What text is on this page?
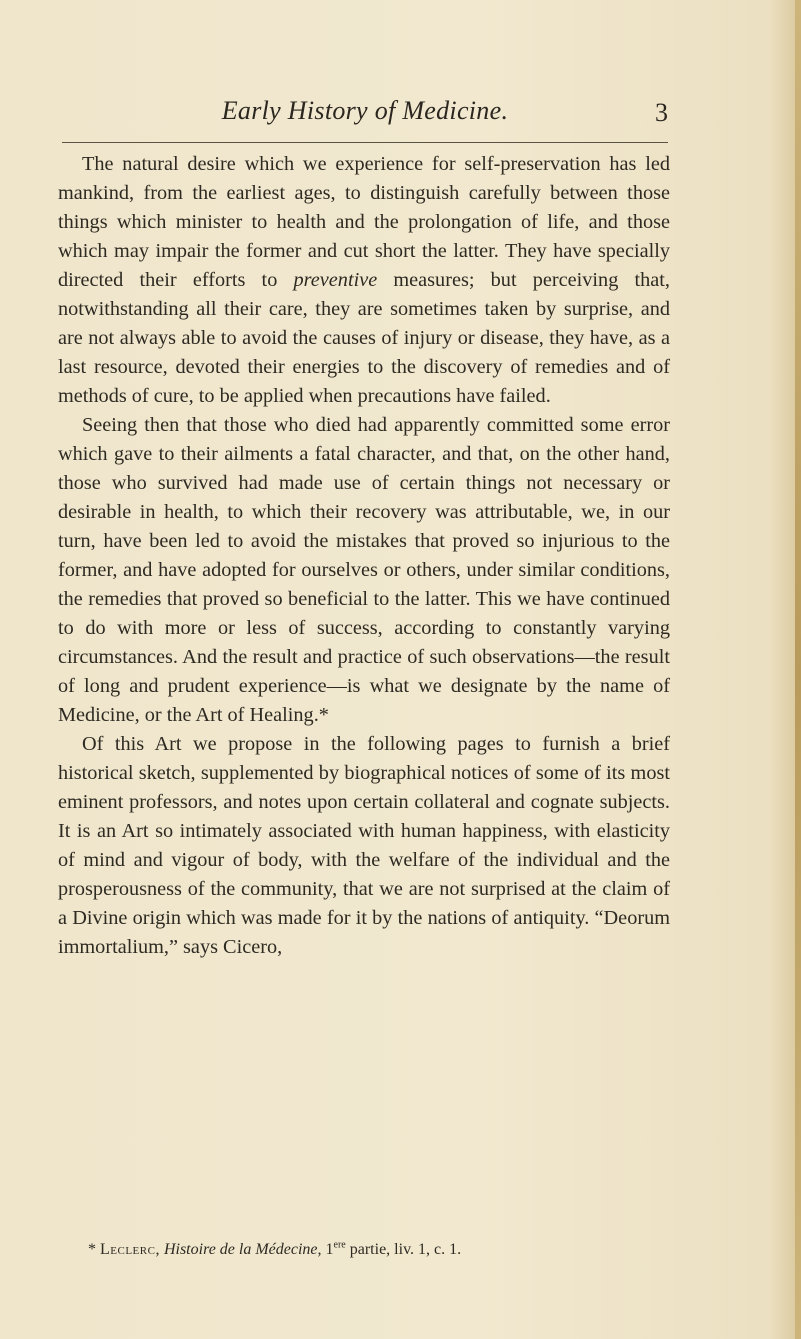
Early History of Medicine.	3

The natural desire which we experience for self-preservation has led mankind, from the earliest ages, to distinguish carefully between those things which minister to health and the prolongation of life, and those which may impair the former and cut short the latter. They have specially directed their efforts to preventive measures; but perceiving that, notwithstanding all their care, they are sometimes taken by surprise, and are not always able to avoid the causes of injury or disease, they have, as a last resource, devoted their energies to the discovery of remedies and of methods of cure, to be applied when precautions have failed.

Seeing then that those who died had apparently committed some error which gave to their ailments a fatal character, and that, on the other hand, those who survived had made use of certain things not necessary or desirable in health, to which their recovery was attributable, we, in our turn, have been led to avoid the mistakes that proved so injurious to the former, and have adopted for ourselves or others, under similar conditions, the remedies that proved so beneficial to the latter. This we have continued to do with more or less of success, according to constantly varying circumstances. And the result and practice of such observations—the result of long and prudent experience—is what we designate by the name of Medicine, or the Art of Healing.*

Of this Art we propose in the following pages to furnish a brief historical sketch, supplemented by biographical notices of some of its most eminent professors, and notes upon certain collateral and cognate subjects. It is an Art so intimately associated with human happiness, with elasticity of mind and vigour of body, with the welfare of the individual and the prosperousness of the community, that we are not surprised at the claim of a Divine origin which was made for it by the nations of antiquity. “Deorum immortalium,” says Cicero,

* Leclerc, Histoire de la Médecine, 1ere partie, liv. 1, c. 1.
